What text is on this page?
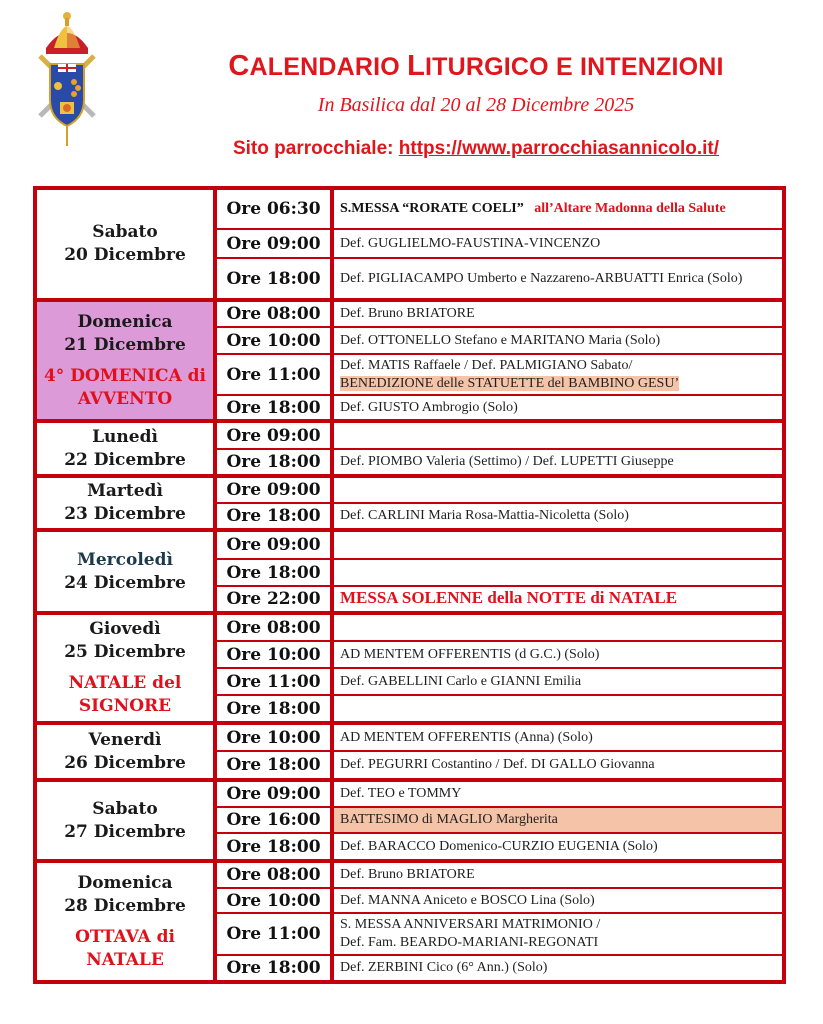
CALENDARIO LITURGICO E INTENZIONI
In Basilica dal 20 al 28 Dicembre 2025
Sito parrocchiale: https://www.parrocchiasannicolo.it/
Sabato
20 Dicembre	Ore 06:30	S.MESSA “RORATE COELI” all’Altare Madonna della Salute
	Ore 09:00	Def. GUGLIELMO-FAUSTINA-VINCENZO
	Ore 18:00	Def. PIGLIACAMPO Umberto e Nazzareno-ARBUATTI Enrica (Solo)
Domenica
21 Dicembre
4° DOMENICA di AVVENTO	Ore 08:00	Def. Bruno BRIATORE
	Ore 10:00	Def. OTTONELLO Stefano e MARITANO Maria (Solo)
	Ore 11:00	Def. MATIS Raffaele / Def. PALMIGIANO Sabato/
BENEDIZIONE delle STATUETTE del BAMBINO GESU’
	Ore 18:00	Def. GIUSTO Ambrogio (Solo)
Lunedì
22 Dicembre	Ore 09:00	
	Ore 18:00	Def. PIOMBO Valeria (Settimo) / Def. LUPETTI Giuseppe
Martedì
23 Dicembre	Ore 09:00	
	Ore 18:00	Def. CARLINI Maria Rosa-Mattia-Nicoletta (Solo)
Mercoledì
24 Dicembre	Ore 09:00	
	Ore 18:00	
	Ore 22:00	MESSA SOLENNE della NOTTE di NATALE
Giovedì
25 Dicembre
NATALE del SIGNORE	Ore 08:00	
	Ore 10:00	AD MENTEM OFFERENTIS (d G.C.) (Solo)
	Ore 11:00	Def. GABELLINI Carlo e GIANNI Emilia
	Ore 18:00	
Venerdì
26 Dicembre	Ore 10:00	AD MENTEM OFFERENTIS (Anna) (Solo)
	Ore 18:00	Def. PEGURRI Costantino / Def. DI GALLO Giovanna
Sabato
27 Dicembre	Ore 09:00	Def. TEO e TOMMY
	Ore 16:00	BATTESIMO di MAGLIO Margherita
	Ore 18:00	Def. BARACCO Domenico-CURZIO EUGENIA (Solo)
Domenica
28 Dicembre
OTTAVA di NATALE	Ore 08:00	Def. Bruno BRIATORE
	Ore 10:00	Def. MANNA Aniceto e BOSCO Lina (Solo)
	Ore 11:00	S. MESSA ANNIVERSARI MATRIMONIO /
Def. Fam. BEARDO-MARIANI-REGONATI
	Ore 18:00	Def. ZERBINI Cico (6° Ann.) (Solo)
